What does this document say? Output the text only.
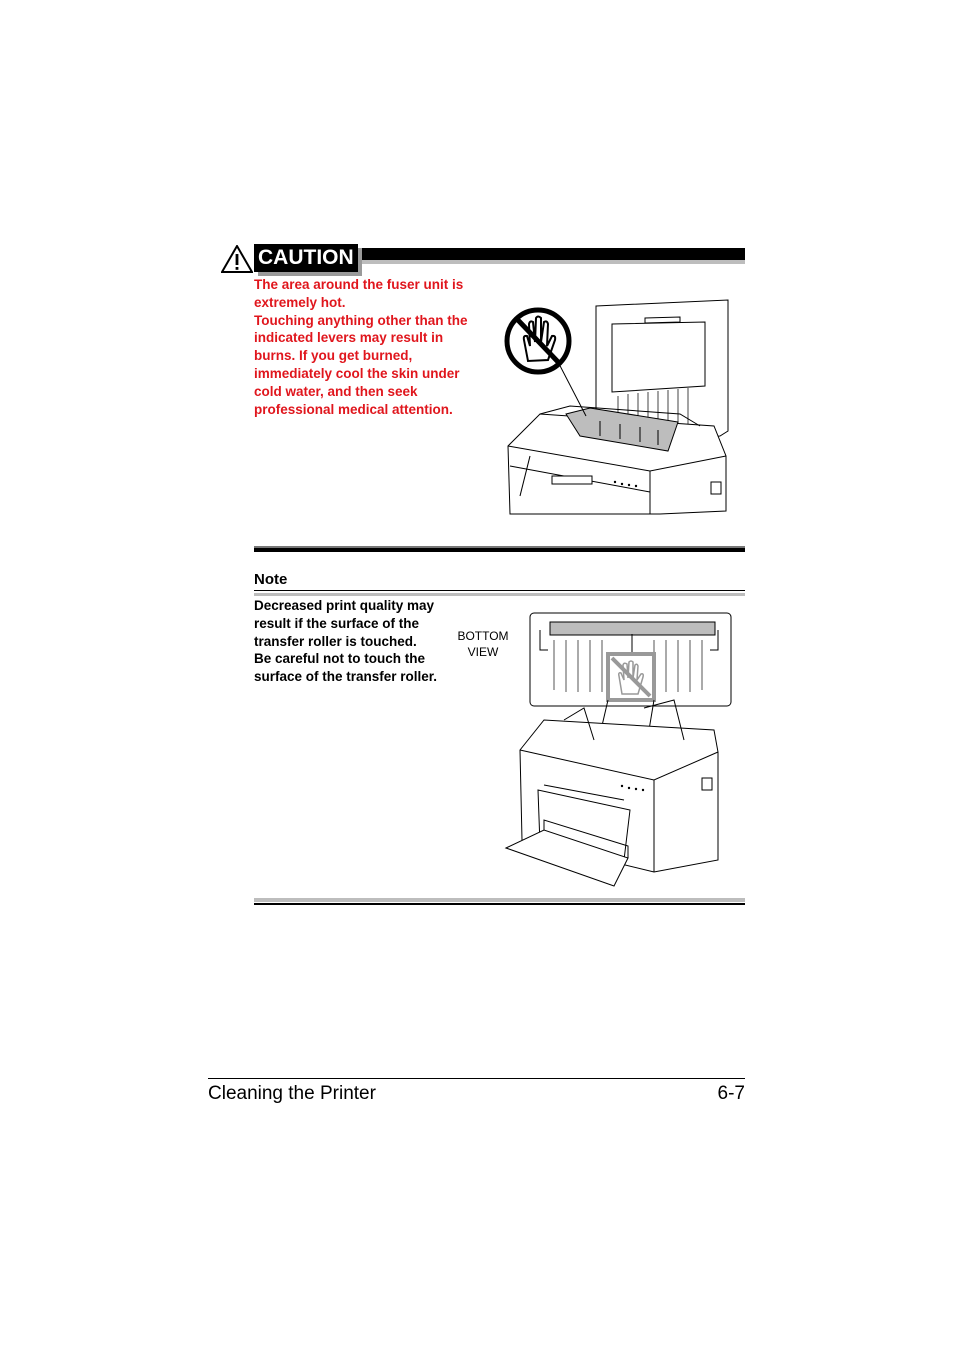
CAUTION

The area around the fuser unit is
extremely hot.
Touching anything other than the
indicated levers may result in
burns. If you get burned,
immediately cool the skin under
cold water, and then seek
professional medical attention.

Note

Decreased print quality may
result if the surface of the
transfer roller is touched.
Be careful not to touch the
surface of the transfer roller.

BOTTOM
VIEW
Cleaning the Printer	6-7
